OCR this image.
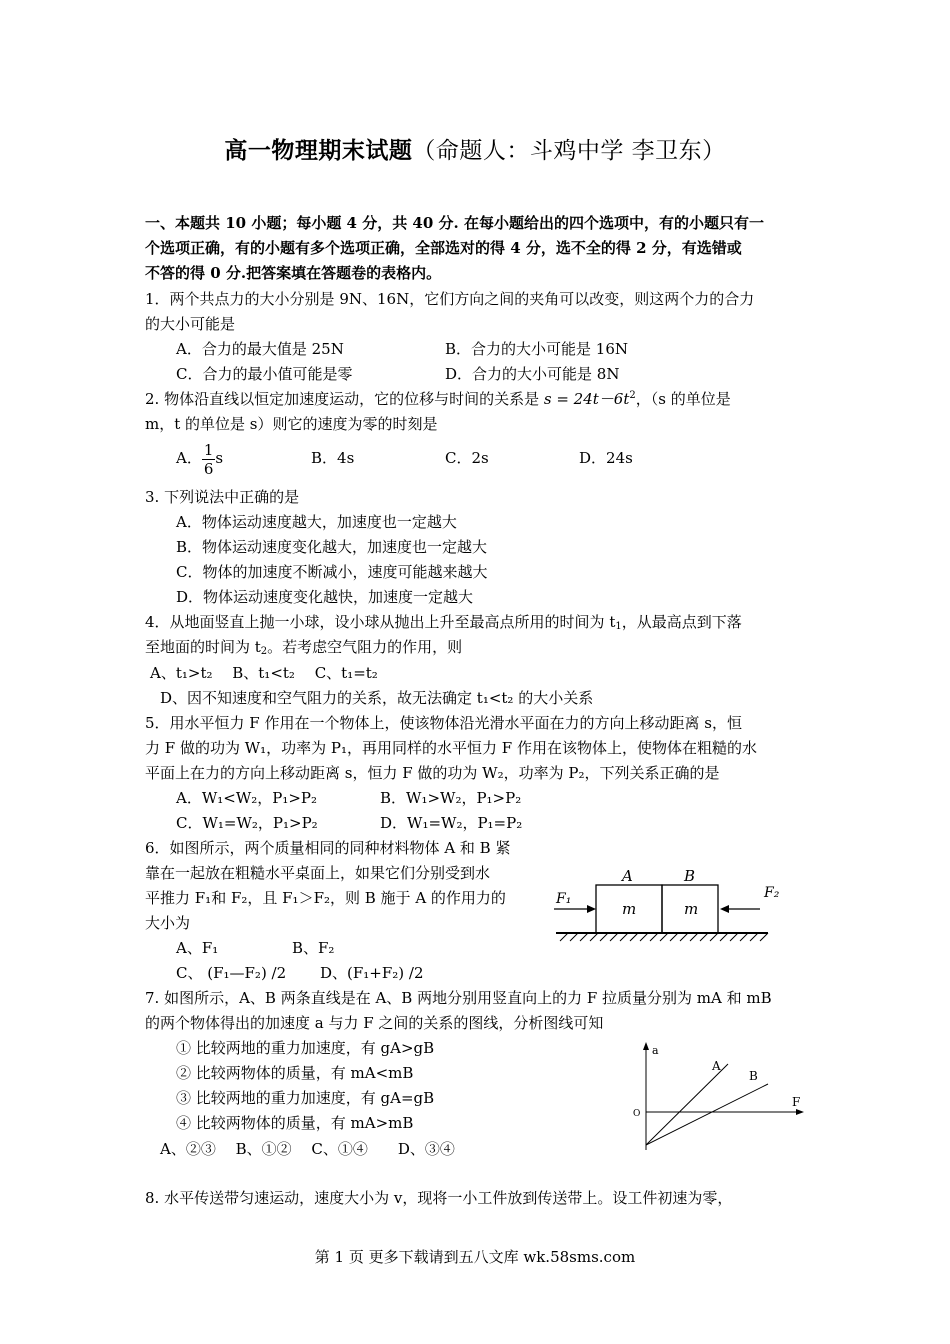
高一物理期末试题（命题人：斗鸡中学 李卫东）
一、本题共 10 小题；每小题 4 分，共 40 分. 在每小题给出的四个选项中，有的小题只有一
个选项正确，有的小题有多个选项正确，全部选对的得 4 分，选不全的得 2 分，有选错或
不答的得 0 分.把答案填在答题卷的表格内。
1．两个共点力的大小分别是 9N、16N，它们方向之间的夹角可以改变，则这两个力的合力
的大小可能是
A．合力的最大值是 25N	B．合力的大小可能是 16N
C．合力的最小值可能是零	D．合力的大小可能是 8N
2. 物体沿直线以恒定加速度运动，它的位移与时间的关系是 $s = 24t-6t^2$，（s 的单位是
m，t 的单位是 s）则它的速度为零的时刻是
A． $\frac{1}{6}$ s	B．4s	C．2s	D．24s
3. 下列说法中正确的是
A．物体运动速度越大，加速度也一定越大
B．物体运动速度变化越大，加速度也一定越大
C．物体的加速度不断减小，速度可能越来越大
D．物体运动速度变化越快，加速度一定越大
4．从地面竖直上抛一小球，设小球从抛出上升至最高点所用的时间为 $t_1$，从最高点到下落
至地面的时间为 $t_2$。若考虑空气阻力的作用，则
A、t₁>t₂　 B、t₁<t₂　 C、t₁=t₂
D、因不知速度和空气阻力的关系，故无法确定 t₁<t₂ 的大小关系
5．用水平恒力 F 作用在一个物体上，使该物体沿光滑水平面在力的方向上移动距离 s，恒
力 F 做的功为 W₁，功率为 P₁，再用同样的水平恒力 F 作用在该物体上，使物体在粗糙的水
平面上在力的方向上移动距离 s，恒力 F 做的功为 W₂，功率为 P₂，下列关系正确的是
A．W₁<W₂，P₁>P₂	B．W₁>W₂，P₁>P₂
C．W₁=W₂，P₁>P₂	D．W₁=W₂，P₁=P₂
6．如图所示，两个质量相同的同种材料物体 A 和 B 紧
靠在一起放在粗糙水平桌面上，如果它们分别受到水
平推力 F₁和 F₂，且 F₁＞F₂，则 B 施于 A 的作用力的
大小为
A、F₁	B、F₂
C、 (F₁—F₂) /2 D、(F₁+F₂) /2
A	B
m	m
F₁	F₂
7. 如图所示，A、B 两条直线是在 A、B 两地分别用竖直向上的力 F 拉质量分别为 mA 和 mB
的两个物体得出的加速度 a 与力 F 之间的关系的图线，分析图线可知
① 比较两地的重力加速度，有 gA>gB
② 比较两物体的质量，有 mA<mB
③ 比较两地的重力加速度，有 gA=gB
④ 比较两物体的质量，有 mA>mB
A、②③　 B、①②　 C、①④　　D、③④
a
F
O
A
B
8. 水平传送带匀速运动，速度大小为 v，现将一小工件放到传送带上。设工件初速为零，
第 1 页 更多下载请到五八文库 wk.58sms.com
